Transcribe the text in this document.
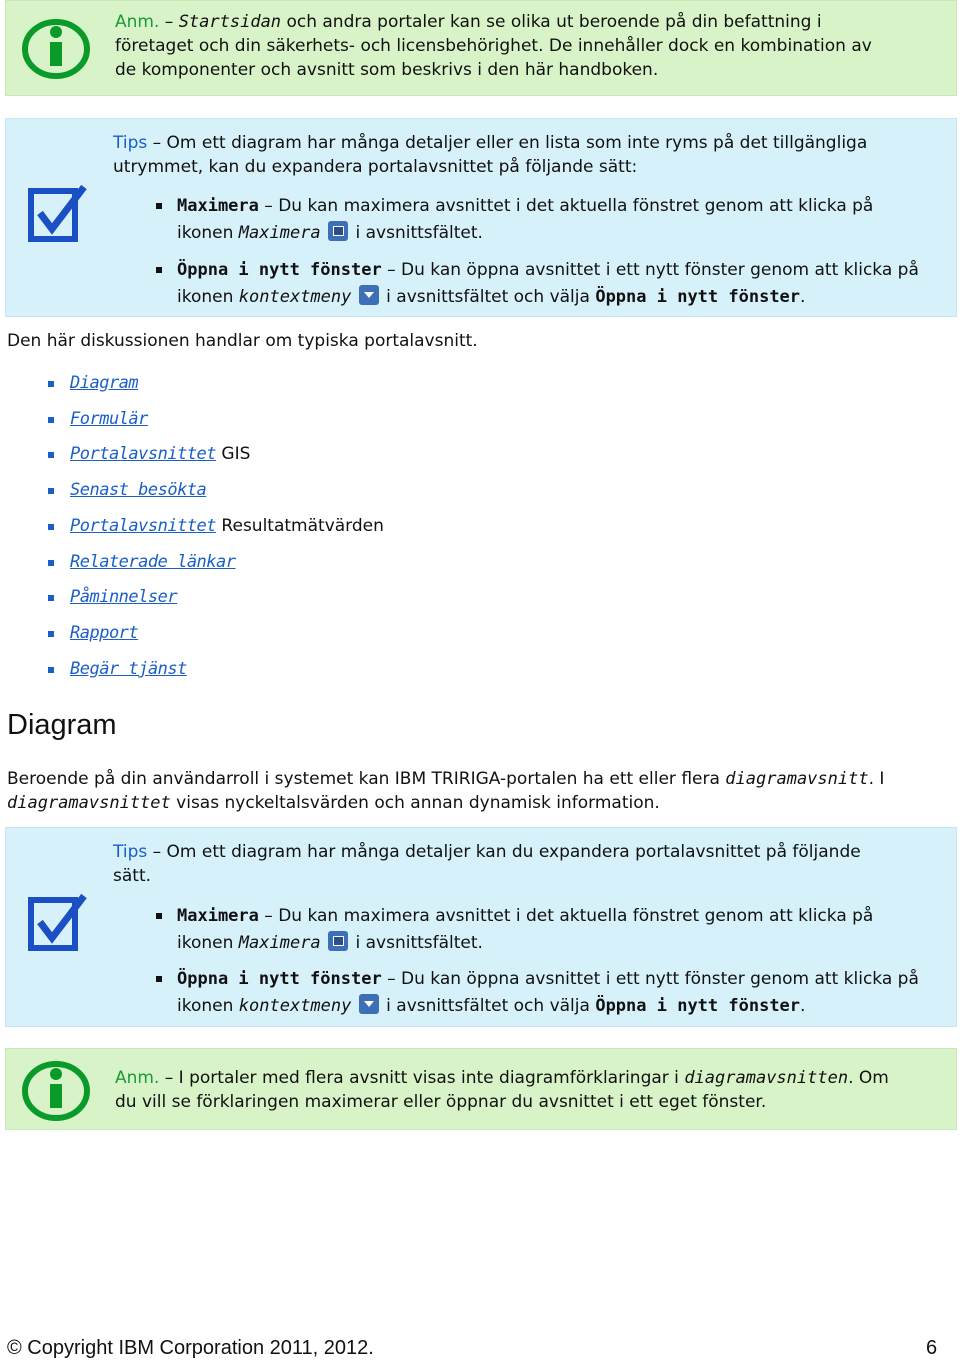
Anm. – Startsidan och andra portaler kan se olika ut beroende på din befattning i
företaget och din säkerhets- och licensbehörighet. De innehåller dock en kombination av
de komponenter och avsnitt som beskrivs i den här handboken.
Tips – Om ett diagram har många detaljer eller en lista som inte ryms på det tillgängliga
utrymmet, kan du expandera portalavsnittet på följande sätt:
Maximera – Du kan maximera avsnittet i det aktuella fönstret genom att klicka på
ikonen Maximera  i avsnittsfältet.
Öppna i nytt fönster – Du kan öppna avsnittet i ett nytt fönster genom att klicka på
ikonen kontextmeny  i avsnittsfältet och välja Öppna i nytt fönster.
Den här diskussionen handlar om typiska portalavsnitt.
Diagram
Formulär
Portalavsnittet GIS
Senast besökta
Portalavsnittet Resultatmätvärden
Relaterade länkar
Påminnelser
Rapport
Begär tjänst
Diagram
Beroende på din användarroll i systemet kan IBM TRIRIGA-portalen ha ett eller flera diagramavsnitt. I
diagramavsnittet visas nyckeltalsvärden och annan dynamisk information.
Tips – Om ett diagram har många detaljer kan du expandera portalavsnittet på följande
sätt.
Maximera – Du kan maximera avsnittet i det aktuella fönstret genom att klicka på
ikonen Maximera  i avsnittsfältet.
Öppna i nytt fönster – Du kan öppna avsnittet i ett nytt fönster genom att klicka på
ikonen kontextmeny  i avsnittsfältet och välja Öppna i nytt fönster.
Anm. – I portaler med flera avsnitt visas inte diagramförklaringar i diagramavsnitten. Om
du vill se förklaringen maximerar eller öppnar du avsnittet i ett eget fönster.
© Copyright IBM Corporation 2011, 2012.	6
